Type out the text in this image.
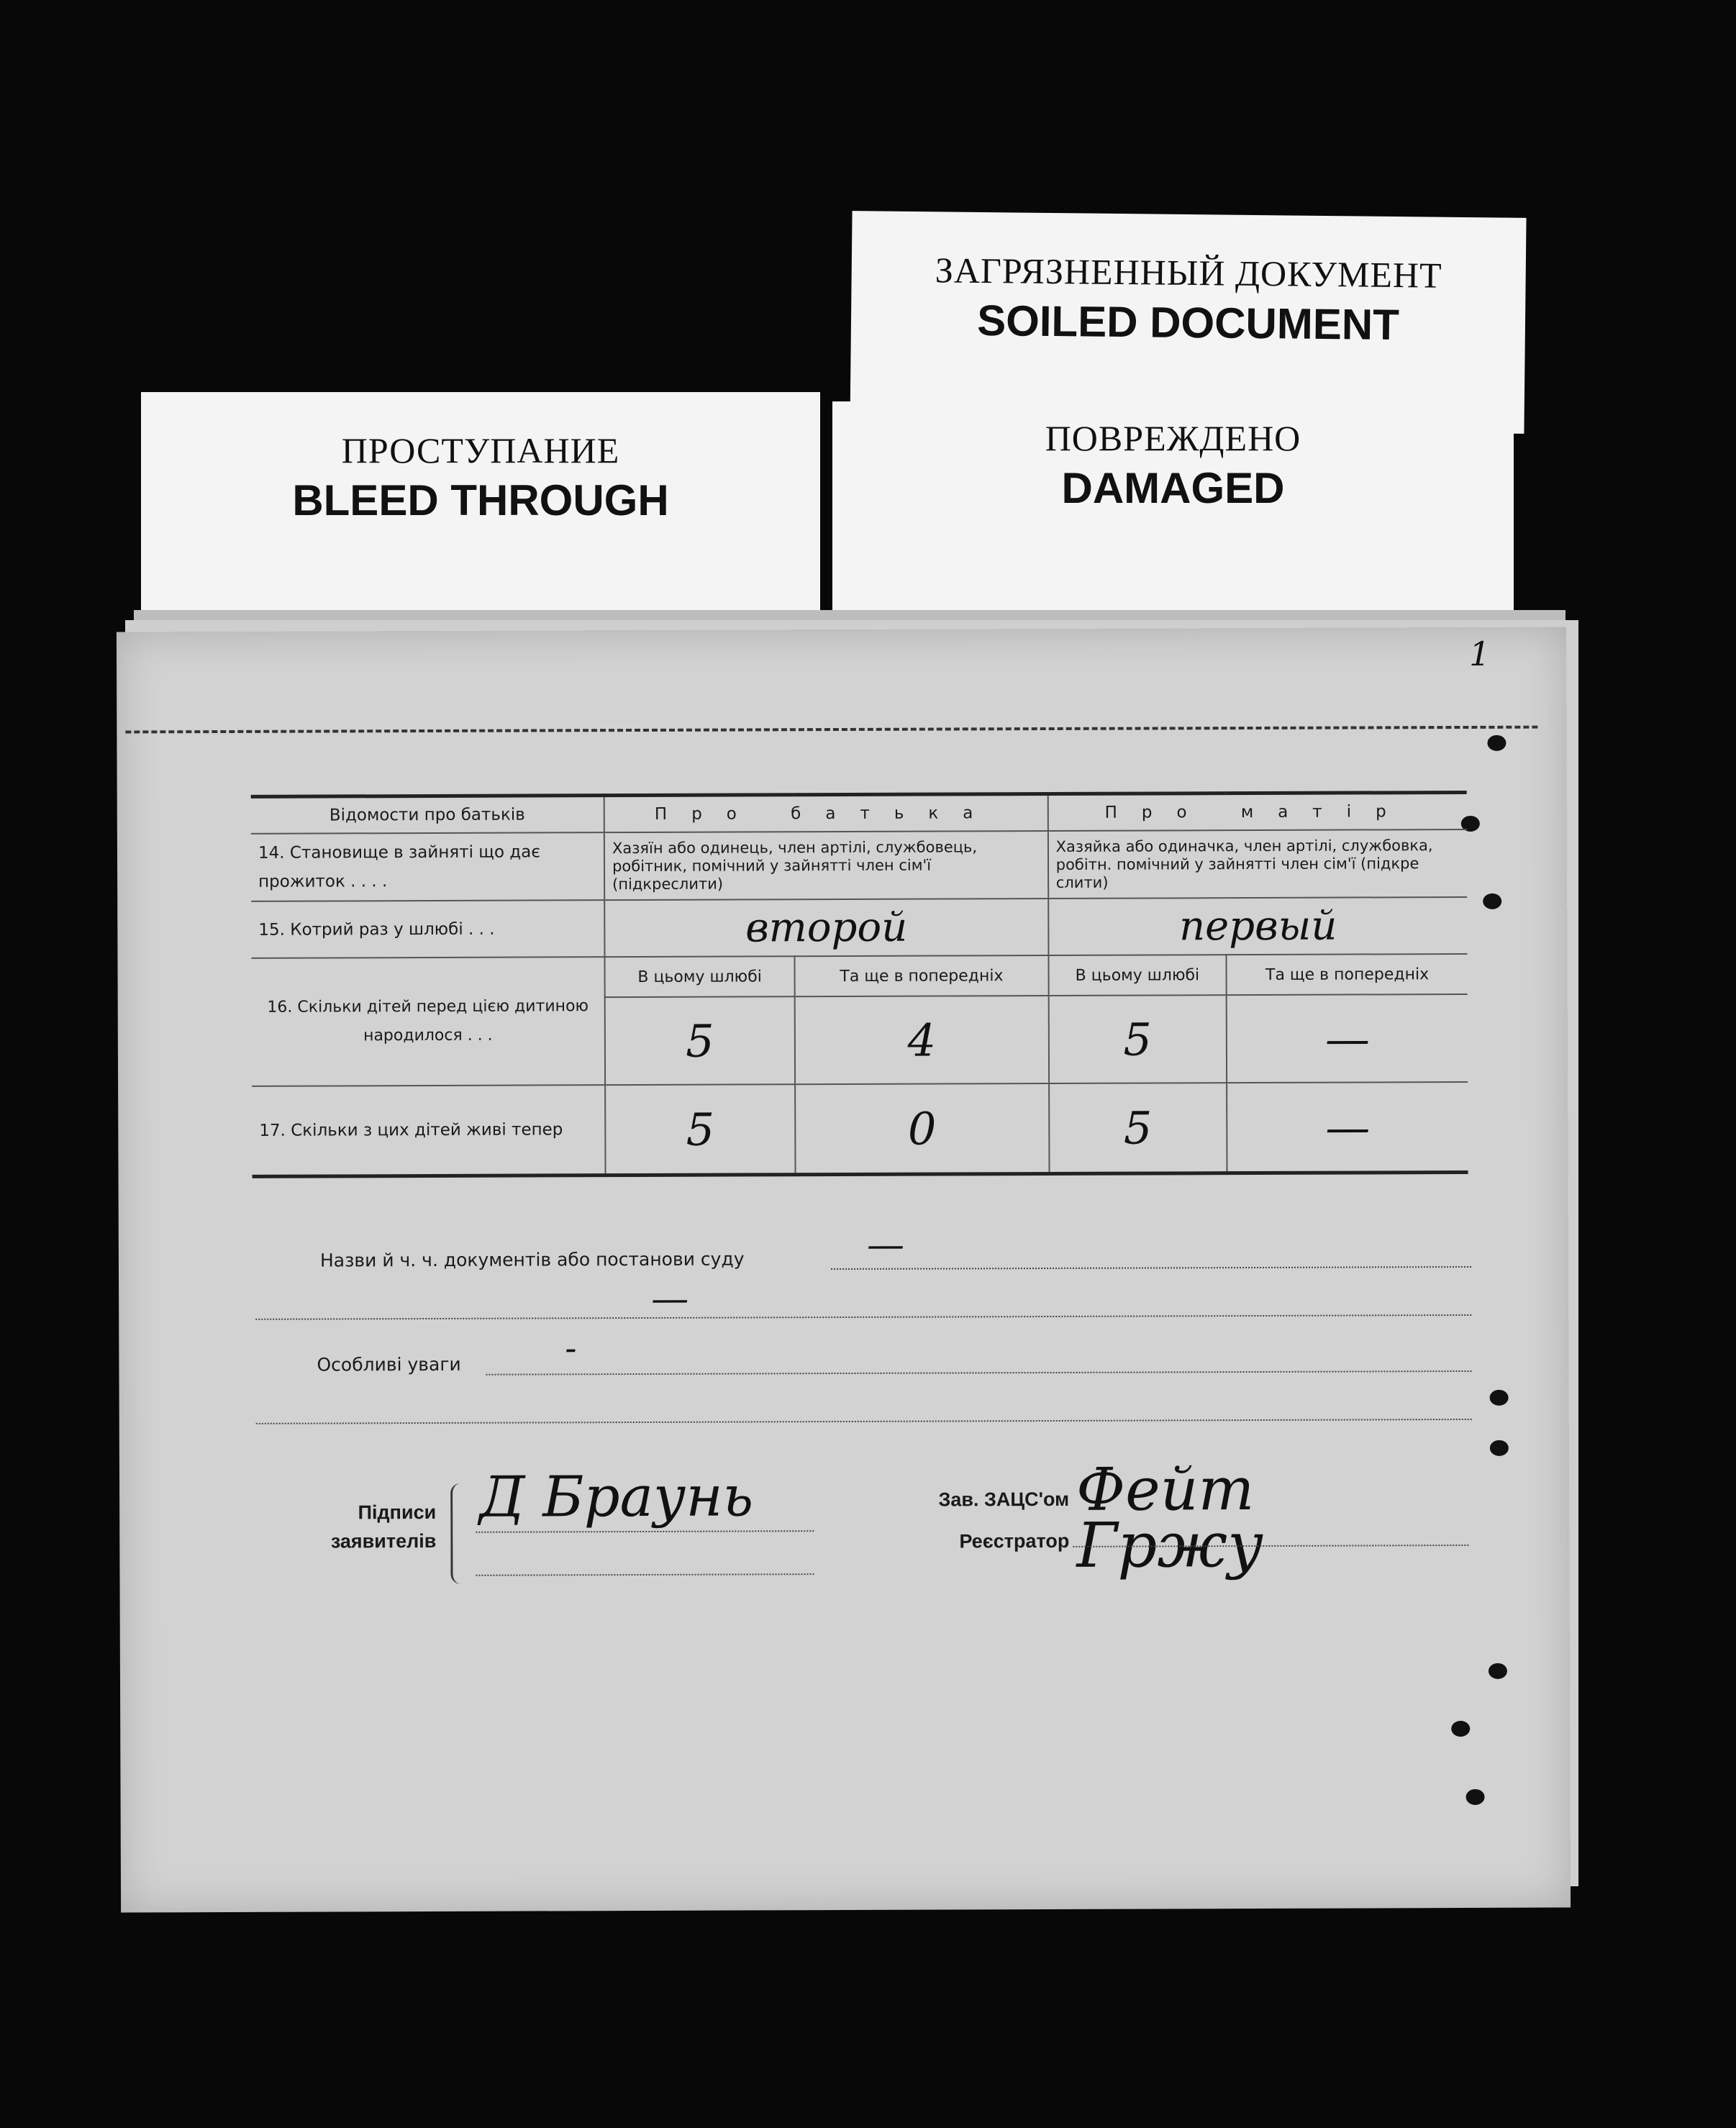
ЗАГРЯЗНЕННЫЙ ДОКУМЕНТ
SOILED DOCUMENT
ПРОСТУПАНИЕ
BLEED THROUGH
ПОВРЕЖДЕНО
DAMAGED
1
Відомости про батьків	Про батька		Про матір	
14. Становище в зайняті що дає прожиток . . . .	Хазяїн або одинець, член артілі, службовець, робітник, помічний у зайнятті член сім'ї (підкреслити)		Хазяйка або одиначка, член артілі, службовка, робітн. помічний у зайнятті член сім'ї (підкре слити)	
15. Котрий раз у шлюбі . . .	второй		первый	
16. Скільки дітей перед цією дитиною народилося . . .	В цьому шлюбі	Та ще в попередніх	В цьому шлюбі	Та ще в попередніх
	5	4	5	—
17. Скільки з цих дітей живі тепер	5	0	5	—
Назви й ч. ч. документів або постанови суду	—
—
Особливі уваги	-
Підписи
заявителів
Д Браунь	Зав. ЗАЦС'ом Фейт
Реєстратор Гржу
